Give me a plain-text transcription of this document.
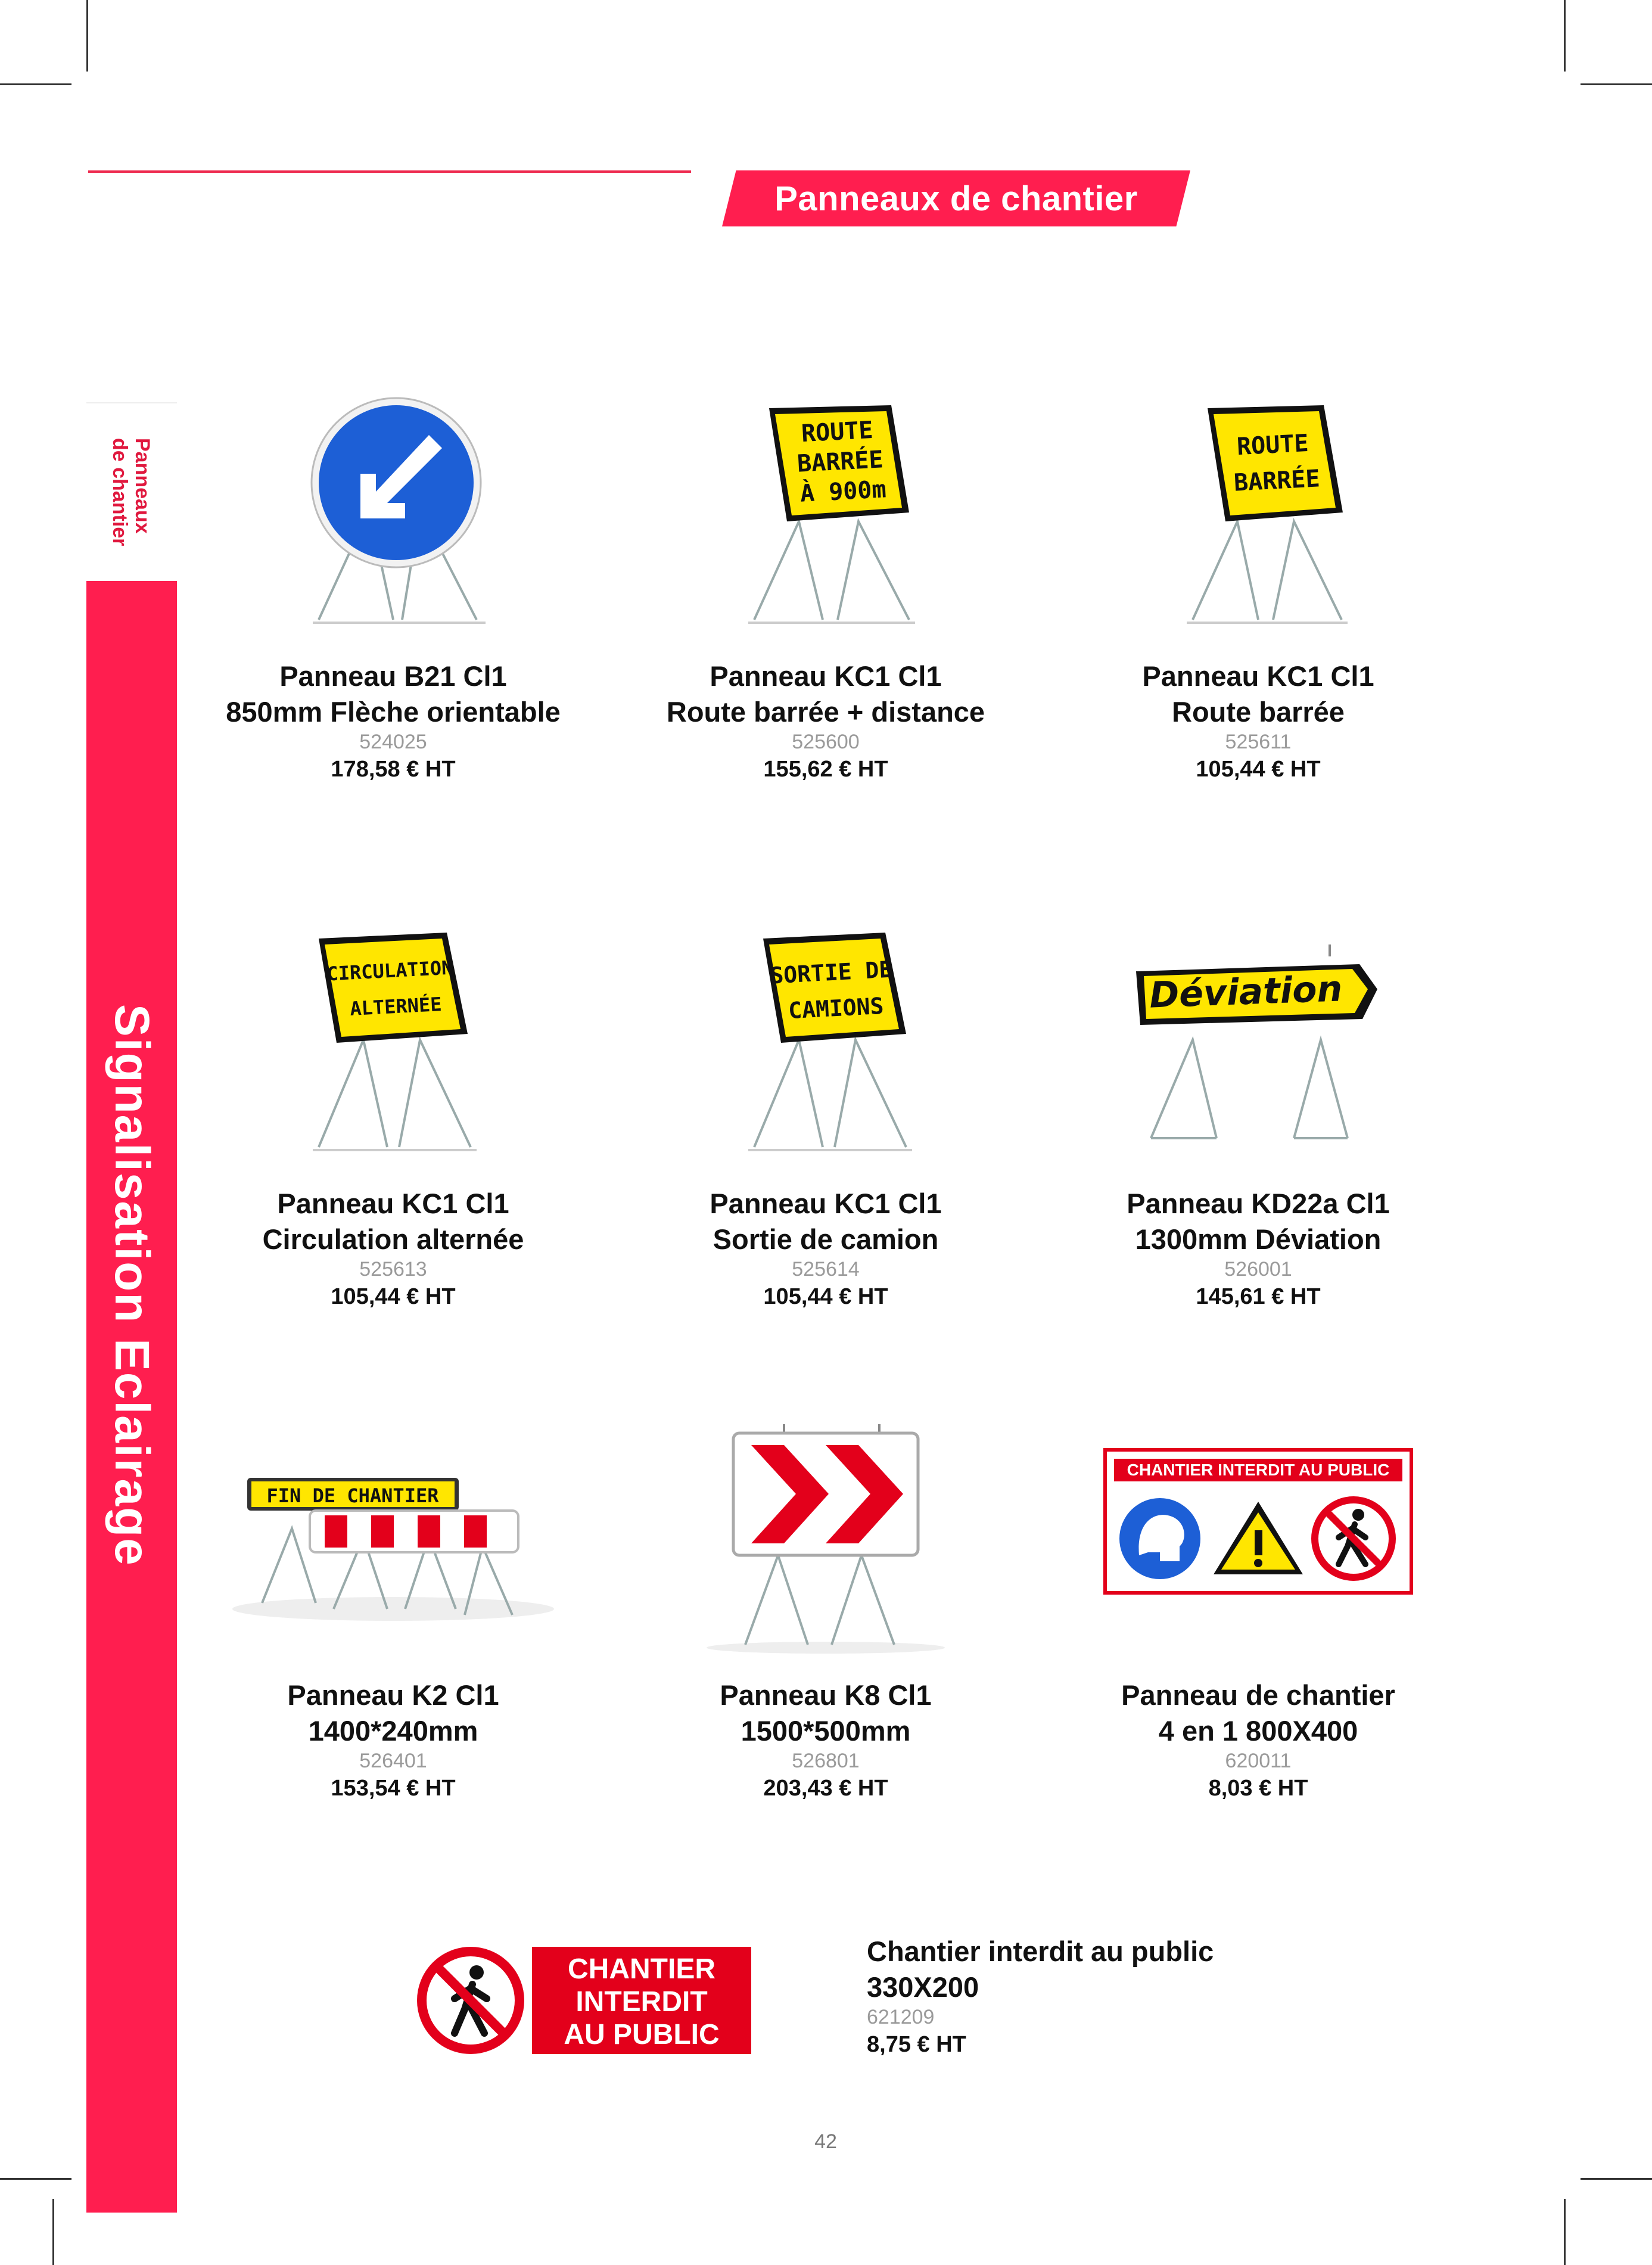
Panneaux de chantier
Panneaux
de chantier
Signalisation Eclairage
Panneau B21 Cl1
850mm Flèche orientable
524025
178,58 € HT
ROUTE
BARRÉE
À 900m
Panneau KC1 Cl1
Route barrée + distance
525600
155,62 € HT
ROUTE
BARRÉE
Panneau KC1 Cl1
Route barrée
525611
105,44 € HT
CIRCULATION
ALTERNÉE
Panneau KC1 Cl1
Circulation alternée
525613
105,44 € HT
SORTIE DE
CAMIONS
Panneau KC1 Cl1
Sortie de camion
525614
105,44 € HT
Déviation
Panneau KD22a Cl1
1300mm Déviation
526001
145,61 € HT
FIN DE CHANTIER
Panneau K2 Cl1
1400*240mm
526401
153,54 € HT
Panneau K8 Cl1
1500*500mm
526801
203,43 € HT
CHANTIER INTERDIT AU PUBLIC
Panneau de chantier
4 en 1 800X400
620011
8,03 € HT
CHANTIER
INTERDIT
AU PUBLIC
Chantier interdit au public
330X200
621209
8,75 € HT
42
